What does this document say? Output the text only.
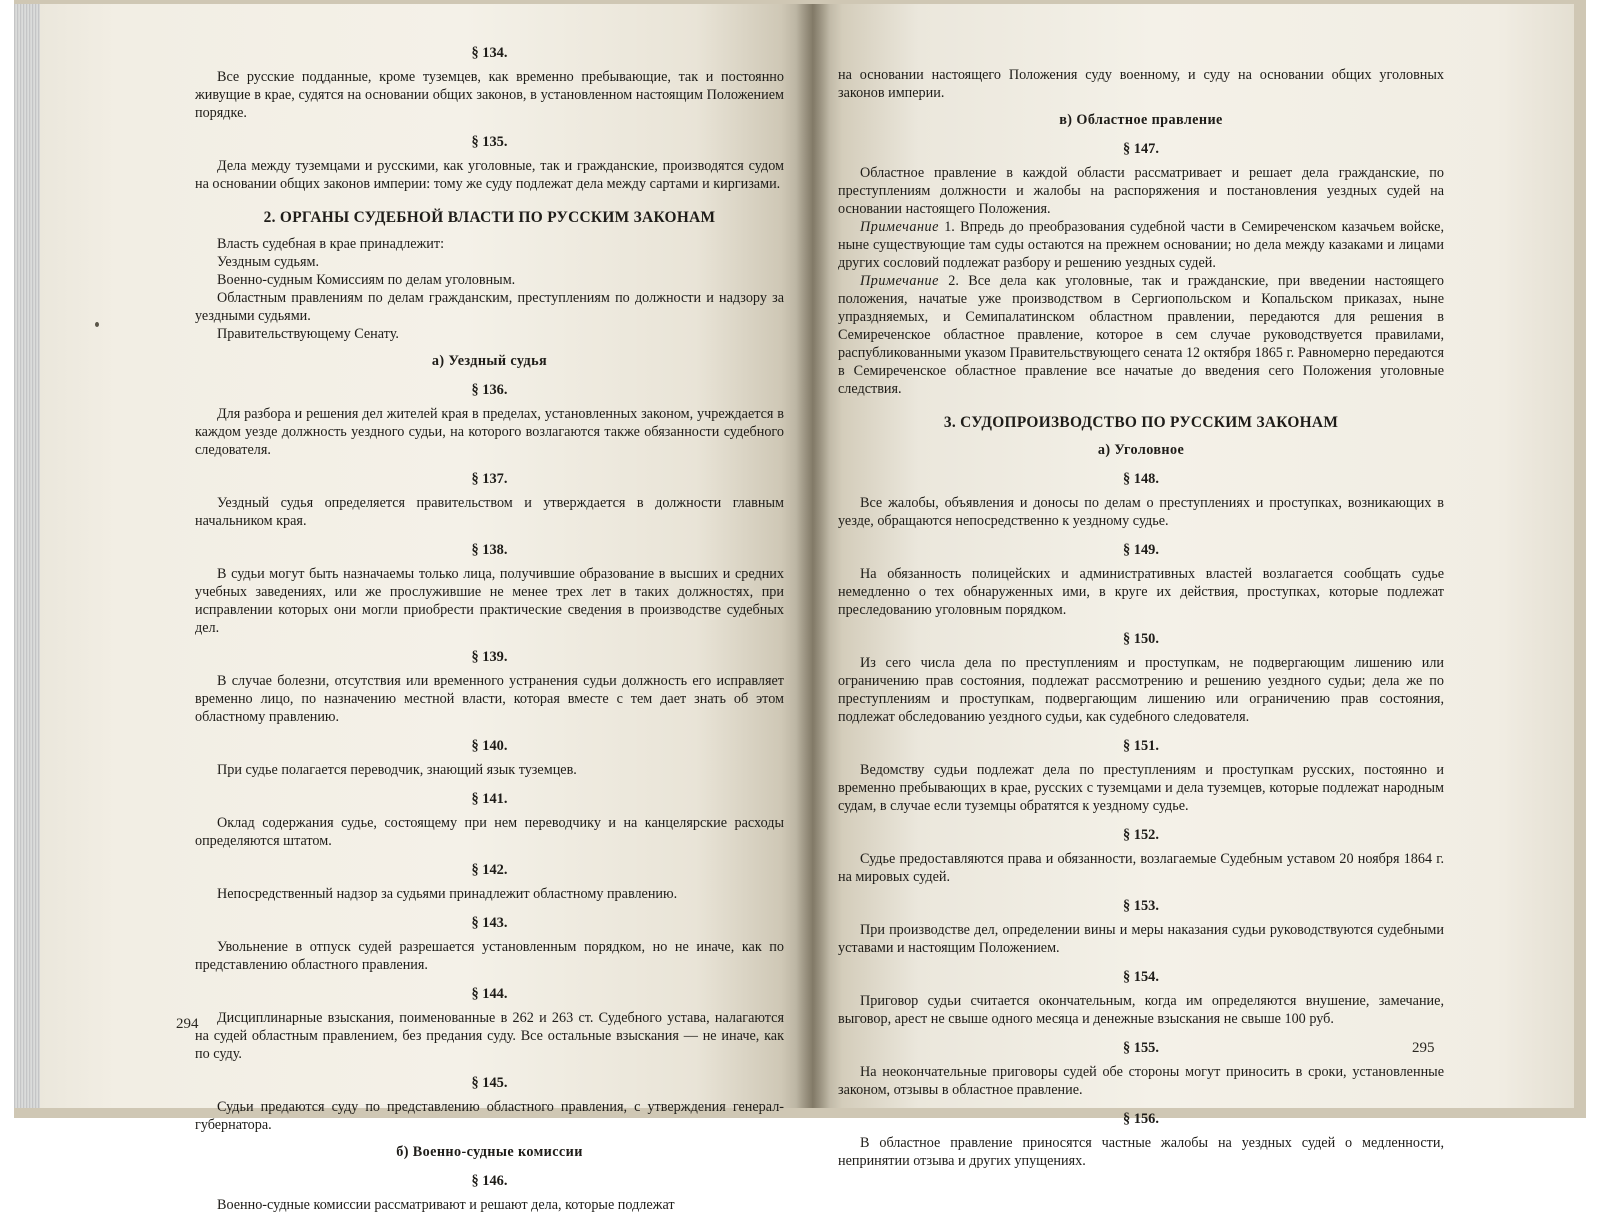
§ 134.

Все русские подданные, кроме туземцев, как временно пребывающие, так и постоянно живущие в крае, судятся на основании общих законов, в установленном настоящим Положением порядке.

§ 135.

Дела между туземцами и русскими, как уголовные, так и гражданские, производятся судом на основании общих законов империи: тому же суду подлежат дела между сартами и киргизами.

2. ОРГАНЫ СУДЕБНОЙ ВЛАСТИ ПО РУССКИМ ЗАКОНАМ

Власть судебная в крае принадлежит:

Уездным судьям.

Военно-судным Комиссиям по делам уголовным.

Областным правлениям по делам гражданским, преступлениям по должности и надзору за уездными судьями.

Правительствующему Сенату.

а) Уездный судья
§ 136.

Для разбора и решения дел жителей края в пределах, установленных законом, учреждается в каждом уезде должность уездного судьи, на которого возлагаются также обязанности судебного следователя.

§ 137.

Уездный судья определяется правительством и утверждается в должности главным начальником края.

§ 138.

В судьи могут быть назначаемы только лица, получившие образование в высших и средних учебных заведениях, или же прослужившие не менее трех лет в таких должностях, при исправлении которых они могли приобрести практические сведения в производстве судебных дел.

§ 139.

В случае болезни, отсутствия или временного устранения судьи должность его исправляет временно лицо, по назначению местной власти, которая вместе с тем дает знать об этом областному правлению.

§ 140.

При судье полагается переводчик, знающий язык туземцев.

§ 141.

Оклад содержания судье, состоящему при нем переводчику и на канцелярские расходы определяются штатом.

§ 142.

Непосредственный надзор за судьями принадлежит областному правлению.

§ 143.

Увольнение в отпуск судей разрешается установленным порядком, но не иначе, как по представлению областного правления.

§ 144.

Дисциплинарные взыскания, поименованные в 262 и 263 ст. Судебного устава, налагаются на судей областным правлением, без предания суду. Все остальные взыскания — не иначе, как по суду.

§ 145.

Судьи предаются суду по представлению областного правления, с утверждения генерал-губернатора.

б) Военно-судные комиссии
§ 146.

Военно-судные комиссии рассматривают и решают дела, которые подлежат

на основании настоящего Положения суду военному, и суду на основании общих уголовных законов империи.

в) Областное правление
§ 147.

Областное правление в каждой области рассматривает и решает дела гражданские, по преступлениям должности и жалобы на распоряжения и постановления уездных судей на основании настоящего Положения.

Примечание 1. Впредь до преобразования судебной части в Семиреченском казачьем войске, ныне существующие там суды остаются на прежнем основании; но дела между казаками и лицами других сословий подлежат разбору и решению уездных судей.

Примечание 2. Все дела как уголовные, так и гражданские, при введении настоящего положения, начатые уже производством в Сергиопольском и Копальском приказах, ныне упраздняемых, и Семипалатинском областном правлении, передаются для решения в Семиреченское областное правление, которое в сем случае руководствуется правилами, распубликованными указом Правительствующего сената 12 октября 1865 г. Равномерно передаются в Семиреченское областное правление все начатые до введения сего Положения уголовные следствия.

3. СУДОПРОИЗВОДСТВО ПО РУССКИМ ЗАКОНАМ
а) Уголовное
§ 148.

Все жалобы, объявления и доносы по делам о преступлениях и проступках, возникающих в уезде, обращаются непосредственно к уездному судье.

§ 149.

На обязанность полицейских и административных властей возлагается сообщать судье немедленно о тех обнаруженных ими, в круге их действия, проступках, которые подлежат преследованию уголовным порядком.

§ 150.

Из сего числа дела по преступлениям и проступкам, не подвергающим лишению или ограничению прав состояния, подлежат рассмотрению и решению уездного судьи; дела же по преступлениям и проступкам, подвергающим лишению или ограничению прав состояния, подлежат обследованию уездного судьи, как судебного следователя.

§ 151.

Ведомству судьи подлежат дела по преступлениям и проступкам русских, постоянно и временно пребывающих в крае, русских с туземцами и дела туземцев, которые подлежат народным судам, в случае если туземцы обратятся к уездному судье.

§ 152.

Судье предоставляются права и обязанности, возлагаемые Судебным уставом 20 ноября 1864 г. на мировых судей.

§ 153.

При производстве дел, определении вины и меры наказания судьи руководствуются судебными уставами и настоящим Положением.

§ 154.

Приговор судьи считается окончательным, когда им определяются внушение, замечание, выговор, арест не свыше одного месяца и денежные взыскания не свыше 100 руб.

§ 155.

На неокончательные приговоры судей обе стороны могут приносить в сроки, установленные законом, отзывы в областное правление.

§ 156.

В областное правление приносятся частные жалобы на уездных судей о медленности, непринятии отзыва и других упущениях.

294
295
